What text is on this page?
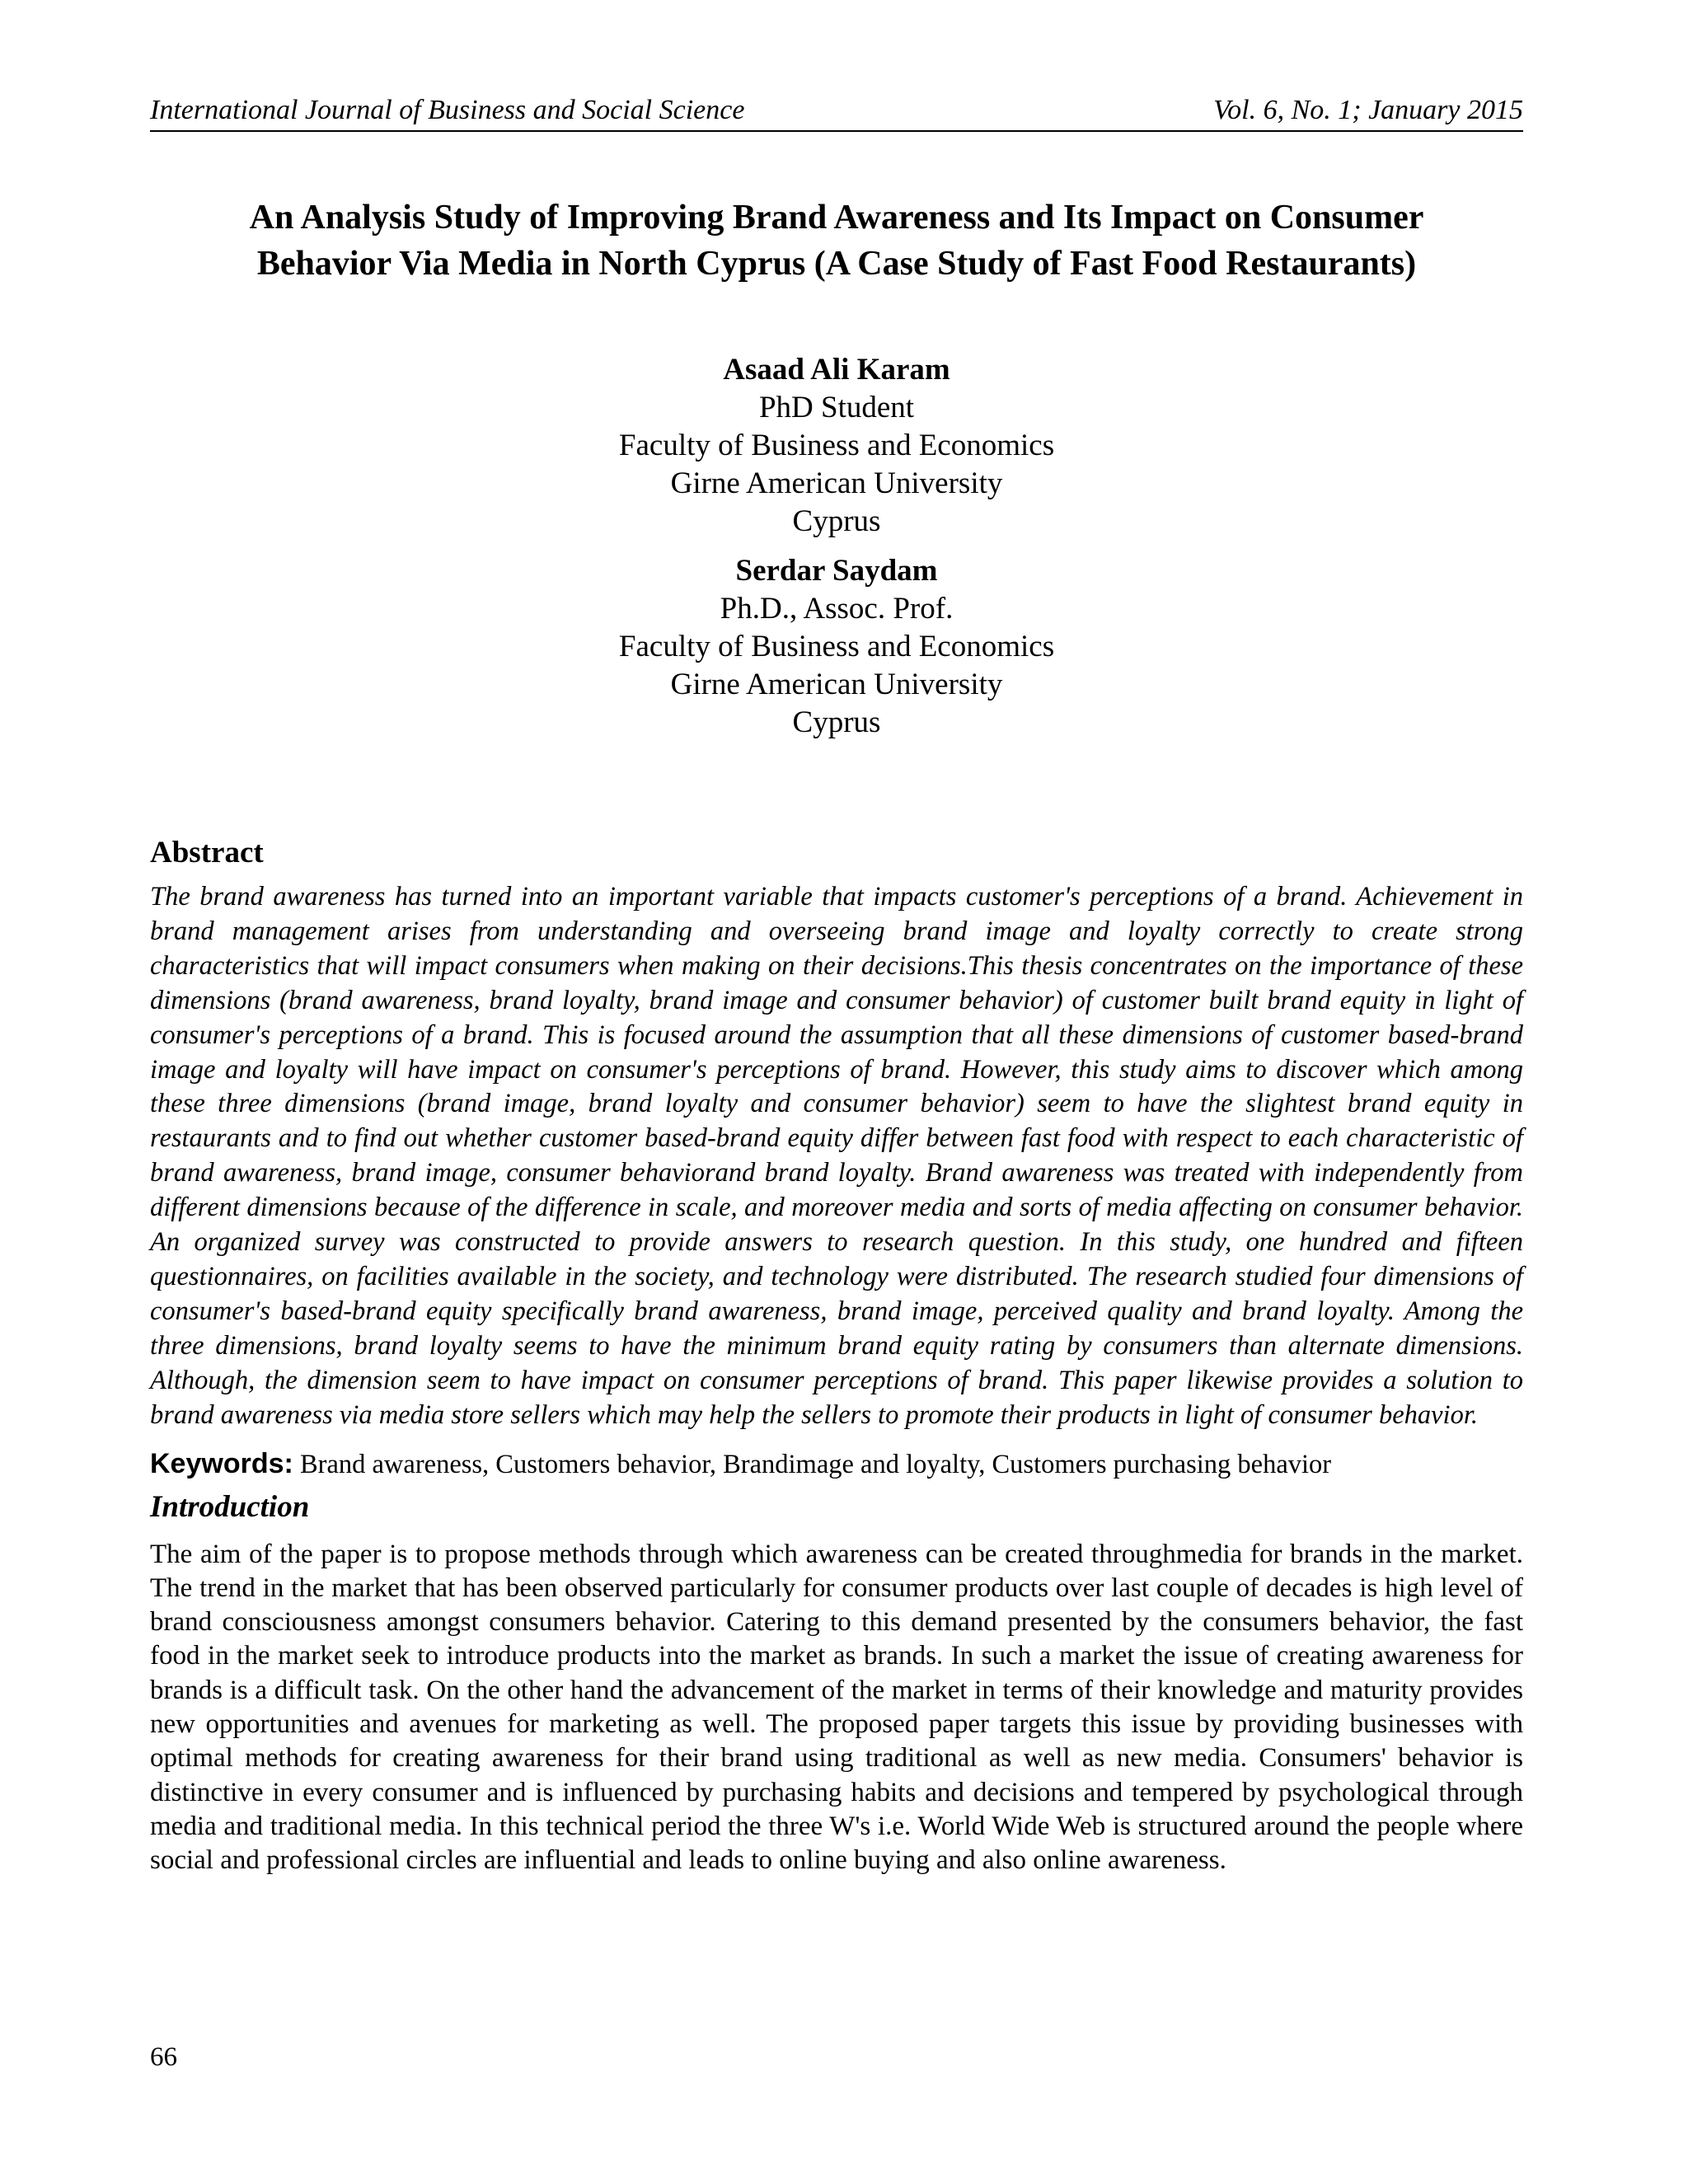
International Journal of Business and Social Science	Vol. 6, No. 1; January 2015
An Analysis Study of Improving Brand Awareness and Its Impact on Consumer
Behavior Via Media in North Cyprus (A Case Study of Fast Food Restaurants)
Asaad Ali Karam
PhD Student
Faculty of Business and Economics
Girne American University
Cyprus
Serdar Saydam
Ph.D., Assoc. Prof.
Faculty of Business and Economics
Girne American University
Cyprus
Abstract

The brand awareness has turned into an important variable that impacts customer's perceptions of a brand. Achievement in brand management arises from understanding and overseeing brand image and loyalty correctly to create strong characteristics that will impact consumers when making on their decisions.This thesis concentrates on the importance of these dimensions (brand awareness, brand loyalty, brand image and consumer behavior) of customer built brand equity in light of consumer's perceptions of a brand. This is focused around the assumption that all these dimensions of customer based-brand image and loyalty will have impact on consumer's perceptions of brand. However, this study aims to discover which among these three dimensions (brand image, brand loyalty and consumer behavior) seem to have the slightest brand equity in restaurants and to find out whether customer based-brand equity differ between fast food with respect to each characteristic of brand awareness, brand image, consumer behaviorand brand loyalty. Brand awareness was treated with independently from different dimensions because of the difference in scale, and moreover media and sorts of media affecting on consumer behavior. An organized survey was constructed to provide answers to research question. In this study, one hundred and fifteen questionnaires, on facilities available in the society, and technology were distributed. The research studied four dimensions of consumer's based-brand equity specifically brand awareness, brand image, perceived quality and brand loyalty. Among the three dimensions, brand loyalty seems to have the minimum brand equity rating by consumers than alternate dimensions. Although, the dimension seem to have impact on consumer perceptions of brand. This paper likewise provides a solution to brand awareness via media store sellers which may help the sellers to promote their products in light of consumer behavior.

Keywords: Brand awareness, Customers behavior, Brandimage and loyalty, Customers purchasing behavior
Introduction

The aim of the paper is to propose methods through which awareness can be created throughmedia for brands in the market. The trend in the market that has been observed particularly for consumer products over last couple of decades is high level of brand consciousness amongst consumers behavior. Catering to this demand presented by the consumers behavior, the fast food in the market seek to introduce products into the market as brands. In such a market the issue of creating awareness for brands is a difficult task. On the other hand the advancement of the market in terms of their knowledge and maturity provides new opportunities and avenues for marketing as well. The proposed paper targets this issue by providing businesses with optimal methods for creating awareness for their brand using traditional as well as new media. Consumers' behavior is distinctive in every consumer and is influenced by purchasing habits and decisions and tempered by psychological through media and traditional media. In this technical period the three W's i.e. World Wide Web is structured around the people where social and professional circles are influential and leads to online buying and also online awareness.

66
